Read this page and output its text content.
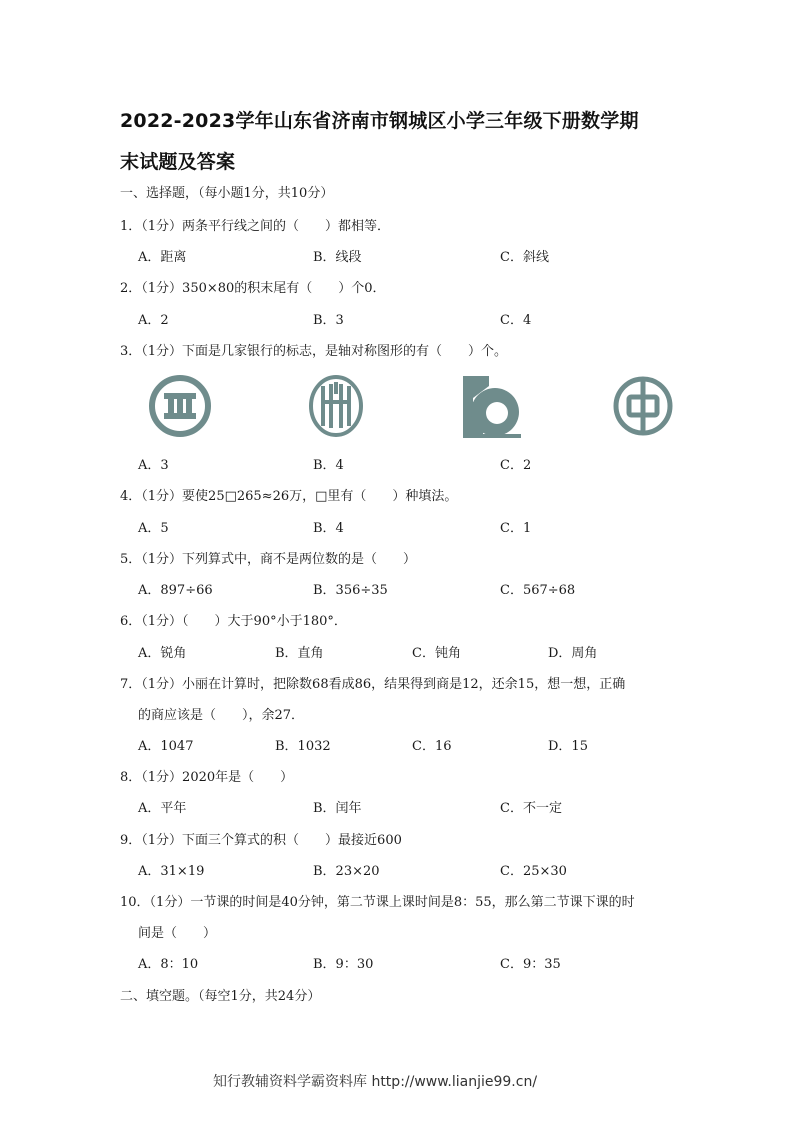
2022-2023学年山东省济南市钢城区小学三年级下册数学期
末试题及答案
一、选择题，（每小题1分，共10分）
1．（1分）两条平行线之间的（　　）都相等．
A．距离	B．线段	C．斜线
2．（1分）350×80的积末尾有（　　）个0．
A．2	B．3	C．4
3．（1分）下面是几家银行的标志，是轴对称图形的有（　　）个。
A．3	B．4	C．2
4．（1分）要使25□265≈26万，□里有（　　）种填法。
A．5	B．4	C．1
5．（1分）下列算式中，商不是两位数的是（　　）
A．897÷66	B．356÷35	C．567÷68
6．（1分）（　　）大于90°小于180°．
A．锐角	B．直角	C．钝角	D．周角
7．（1分）小丽在计算时，把除数68看成86，结果得到商是12，还余15，想一想，正确
的商应该是（　　），余27．
A．1047	B．1032	C．16	D．15
8．（1分）2020年是（　　）
A．平年	B．闰年	C．不一定
9．（1分）下面三个算式的积（　　）最接近600
A．31×19	B．23×20	C．25×30
10．（1分）一节课的时间是40分钟，第二节课上课时间是8：55，那么第二节课下课的时
间是（　　）
A．8：10	B．9：30	C．9：35
二、填空题。（每空1分，共24分）
知行教辅资料学霸资料库 http://www.lianjie99.cn/
